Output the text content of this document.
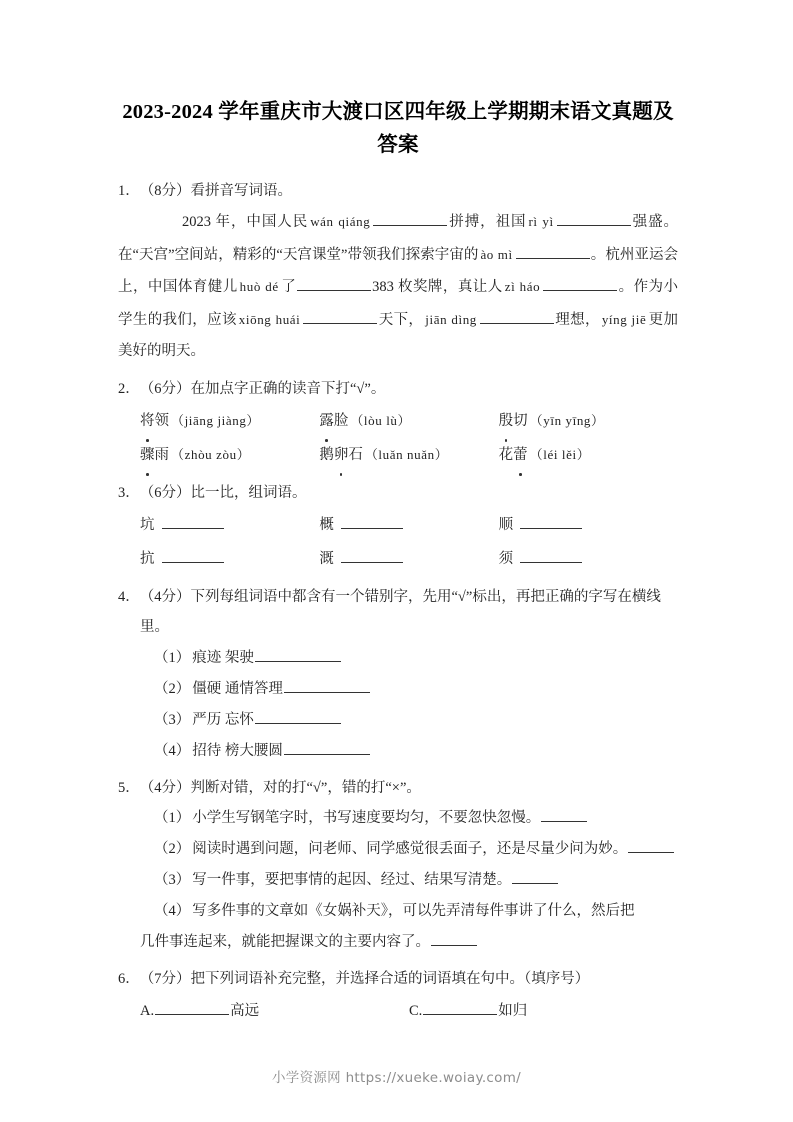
2023-2024 学年重庆市大渡口区四年级上学期期末语文真题及答案
1．（8分）看拼音写词语。
2023 年，中国人民 wán qiáng	拼搏，祖国 rì yì	强盛。在“天宫”空间站，精彩的“天宫课堂”带领我们探索宇宙的 ào mì	。杭州亚运会上，中国体育健儿 huò dé 了	383 枚奖牌，真让人 zì háo	。作为小学生的我们，应该 xiōng huái	天下， jiān dìng	理想， yíng jiē 更加美好的明天。
2．（6分）在加点字正确的读音下打“√”。
将领 （jiāng jiàng）	露脸 （lòu lù）	殷切 （yīn yīng）
骤雨 （zhòu zòu）	鹅卵石 （luǎn nuǎn）	花蕾 （léi lěi）
3．（6分）比一比，组词语。
坑	概	顺
抗	溉	须
4．（4分）下列每组词语中都含有一个错别字，先用“√”标出，再把正确的字写在横线
里。
（1） 痕迹 架驶
（2） 僵硬 通情答理
（3） 严历 忘怀
（4） 招待 榜大腰圆
5．（4分）判断对错，对的打“√”，错的打“×”。
（1） 小学生写钢笔字时，书写速度要均匀，不要忽快忽慢。
（2） 阅读时遇到问题，问老师、同学感觉很丢面子，还是尽量少问为妙。
（3） 写一件事，要把事情的起因、经过、结果写清楚。
（4） 写多件事的文章如《女娲补天》，可以先弄清每件事讲了什么，然后把
几件事连起来，就能把握课文的主要内容了。
6．（7分）把下列词语补充完整，并选择合适的词语填在句中。（填序号）
A.	高远	C.	如归
小学资源网 https://xueke.woiay.com/
